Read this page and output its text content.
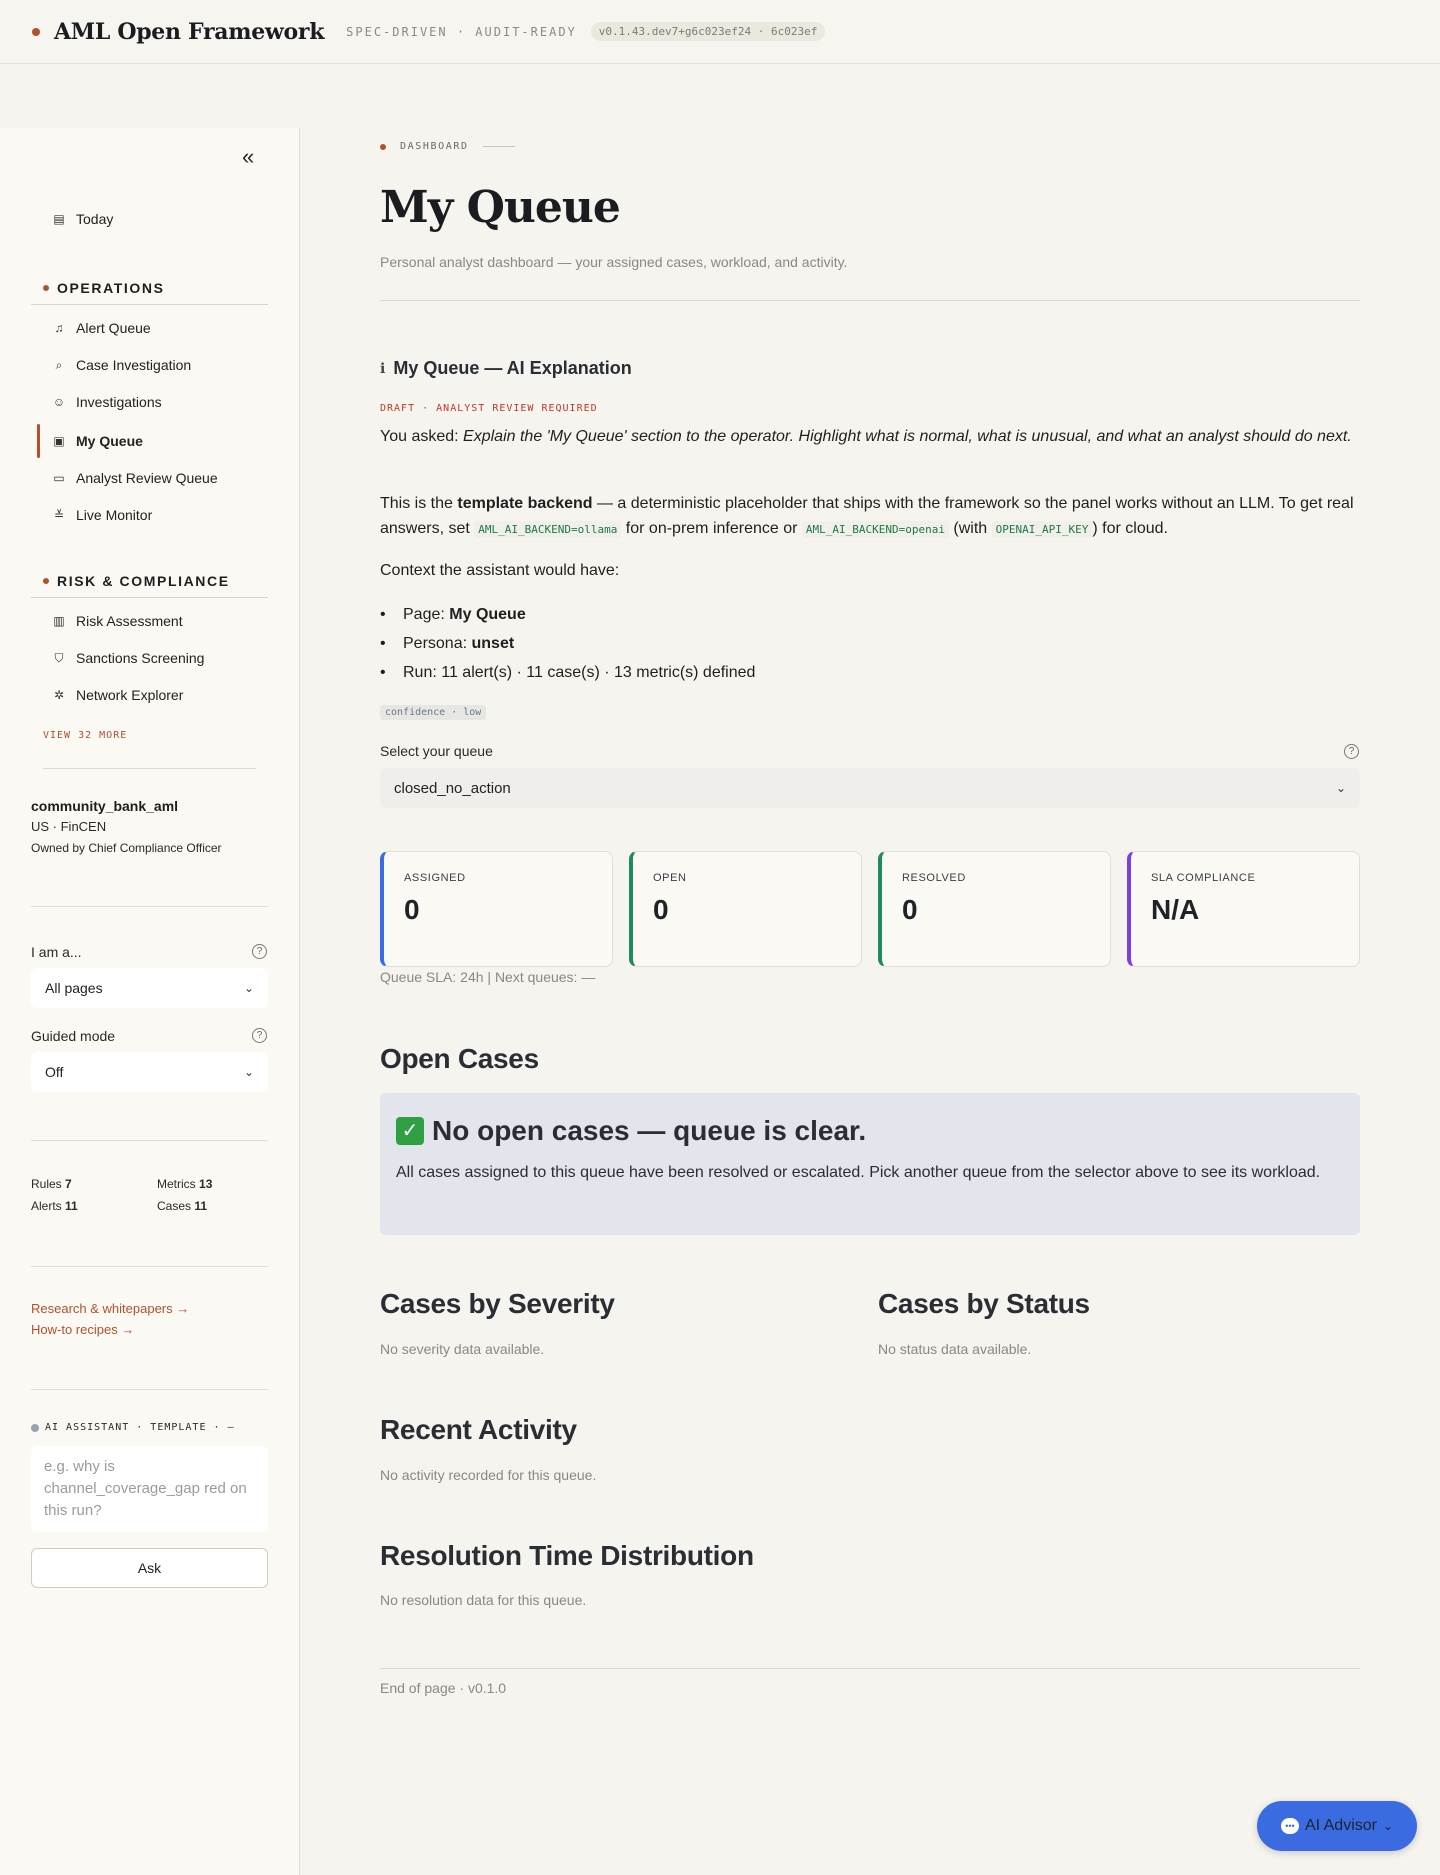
AML Open Framework SPEC-DRIVEN · AUDIT-READY	v0.1.43.dev7+g6c023ef24 · 6c023ef
«
▤ Today
OPERATIONS
♫ Alert Queue
⌕ Case Investigation
☺ Investigations
▣ My Queue
▭ Analyst Review Queue
≚ Live Monitor
RISK & COMPLIANCE
▥ Risk Assessment
⛉ Sanctions Screening
✲ Network Explorer
VIEW 32 MORE
community_bank_aml
US · FinCEN
Owned by Chief Compliance Officer
I am a...	?
All pages	⌄
Guided mode	?
Off	⌄
Rules 7	Metrics 13
Alerts 11	Cases 11
Research & whitepapers →
How-to recipes →
AI ASSISTANT · TEMPLATE · —
e.g. why is channel_coverage_gap red on this run?
Ask
DASHBOARD
My Queue
Personal analyst dashboard — your assigned cases, workload, and activity.
ℹ My Queue — AI Explanation
DRAFT · ANALYST REVIEW REQUIRED
You asked: Explain the 'My Queue' section to the operator. Highlight what is normal, what is unusual, and what an analyst should do next.
This is the template backend — a deterministic placeholder that ships with the framework so the panel works without an LLM. To get real answers, set AML_AI_BACKEND=ollama for on-prem inference or AML_AI_BACKEND=openai (with OPENAI_API_KEY ) for cloud.
Context the assistant would have:
• Page: My Queue
• Persona: unset
• Run: 11 alert(s) · 11 case(s) · 13 metric(s) defined
confidence · low
Select your queue	?
closed_no_action	⌄
ASSIGNED
0
OPEN
0
RESOLVED
0
SLA COMPLIANCE
N/A
Queue SLA: 24h | Next queues: —
Open Cases
✓ No open cases — queue is clear.
All cases assigned to this queue have been resolved or escalated. Pick another queue from the selector above to see its workload.
Cases by Severity
No severity data available.
Cases by Status
No status data available.
Recent Activity
No activity recorded for this queue.
Resolution Time Distribution
No resolution data for this queue.
End of page · v0.1.0
••• AI Advisor ⌄
